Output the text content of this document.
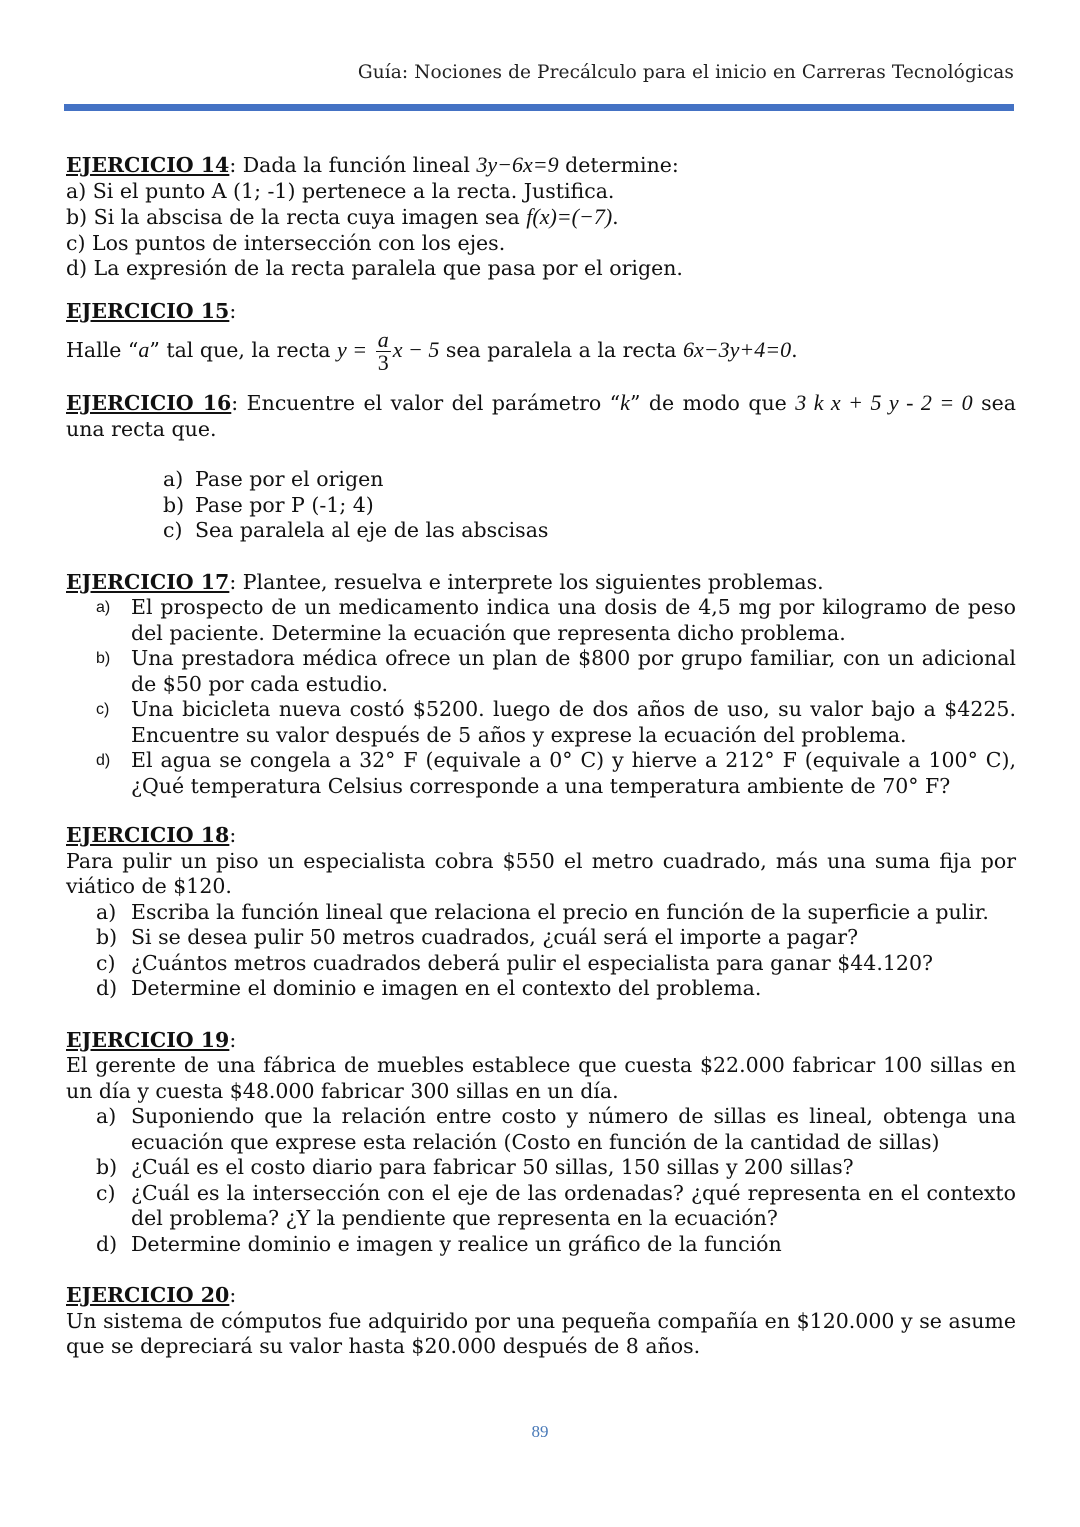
Guía: Nociones de Precálculo para el inicio en Carreras Tecnológicas

EJERCICIO 14: Dada la función lineal 3y−6x=9 determine:

a) Si el punto A (1; -1) pertenece a la recta. Justifica.

b) Si la abscisa de la recta cuya imagen sea f(x)=(−7).

c) Los puntos de intersección con los ejes.

d) La expresión de la recta paralela que pasa por el origen.

EJERCICIO 15:

Halle “a” tal que, la recta $y = \frac{a}{3}$ x − 5 sea paralela a la recta 6x−3y+4=0.

EJERCICIO 16: Encuentre el valor del parámetro “k” de modo que 3 k x + 5 y - 2 = 0 sea una recta que.

a) Pase por el origen
b) Pase por P (-1; 4)
c) Sea paralela al eje de las abscisas

EJERCICIO 17: Plantee, resuelva e interprete los siguientes problemas.

a)	El prospecto de un medicamento indica una dosis de 4,5 mg por kilogramo de peso del paciente. Determine la ecuación que representa dicho problema.
b)	Una prestadora médica ofrece un plan de $800 por grupo familiar, con un adicional de $50 por cada estudio.
c)	Una bicicleta nueva costó $5200. luego de dos años de uso, su valor bajo a $4225. Encuentre su valor después de 5 años y exprese la ecuación del problema.
d)	El agua se congela a 32° F (equivale a 0° C) y hierve a 212° F (equivale a 100° C), ¿Qué temperatura Celsius corresponde a una temperatura ambiente de 70° F?

EJERCICIO 18:

Para pulir un piso un especialista cobra $550 el metro cuadrado, más una suma fija por viático de $120.

a) Escriba la función lineal que relaciona el precio en función de la superficie a pulir.
b) Si se desea pulir 50 metros cuadrados, ¿cuál será el importe a pagar?
c) ¿Cuántos metros cuadrados deberá pulir el especialista para ganar $44.120?
d) Determine el dominio e imagen en el contexto del problema.

EJERCICIO 19:

El gerente de una fábrica de muebles establece que cuesta $22.000 fabricar 100 sillas en un día y cuesta $48.000 fabricar 300 sillas en un día.

a) Suponiendo que la relación entre costo y número de sillas es lineal, obtenga una ecuación que exprese esta relación (Costo en función de la cantidad de sillas)
b) ¿Cuál es el costo diario para fabricar 50 sillas, 150 sillas y 200 sillas?
c) ¿Cuál es la intersección con el eje de las ordenadas? ¿qué representa en el contexto del problema? ¿Y la pendiente que representa en la ecuación?
d) Determine dominio e imagen y realice un gráfico de la función

EJERCICIO 20:

Un sistema de cómputos fue adquirido por una pequeña compañía en $120.000 y se asume que se depreciará su valor hasta $20.000 después de 8 años.

89
